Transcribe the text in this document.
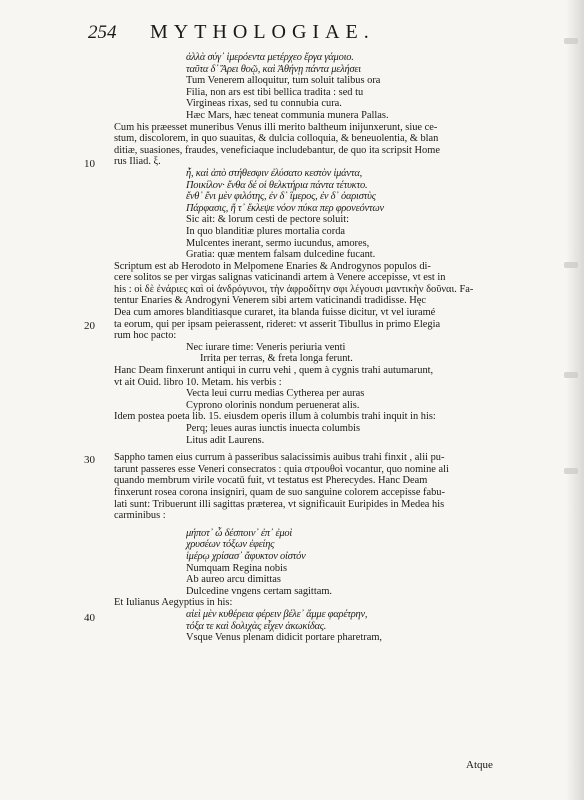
254 MYTHOLOGIAE.
10
20
30
40
ἀλλὰ σύγ᾽ ἱμερόεντα μετέρχεο ἔργα γάμοιο.
ταῦτα δ᾽ Ἄρει θοῷ, καὶ Ἀθήνῃ πάντα μελήσει
Tum Venerem alloquitur, tum soluit talibus ora
Filia, non ars est tibi bellica tradita : sed tu
Virgineas rixas, sed tu connubia cura.
Hæc Mars, hæc teneat communia munera Pallas.
Cum his præesset muneribus Venus illi merito baltheum inijunxerunt, siue ce-
stum, discolorem, in quo suauitas, & dulcia colloquia, & beneuolentia, & blan
ditiæ, suasiones, fraudes, veneficiaque includebantur, de quo ita scripsit Home
rus Iliad. ξ.
ἦ, καὶ ἀπὸ στήθεσφιν ἐλύσατο κεστὸν ἱμάντα,
Ποικίλον· ἔνθα δέ οἱ θελκτήρια πάντα τέτυκτο.
ἔνθ᾽ ἔνι μὲν φιλότης, ἐν δ᾽ ἵμερος, ἐν δ᾽ ὀαριστὺς
Πάρφασις, ἥ τ᾽ ἔκλεψε νόον πύκα περ φρονεόντων
Sic ait: & lorum cesti de pectore soluit:
In quo blanditiæ plures mortalia corda
Mulcentes inerant, sermo iucundus, amores,
Gratia: quæ mentem falsam dulcedine fucant.
Scriptum est ab Herodoto in Melpomene Enaries & Androgynos populos di-
cere solitos se per virgas salignas vaticinandi artem à Venere accepisse, vt est in
his : οἱ δὲ ἐνάριες καὶ οἱ ἀνδρόγυνοι, τὴν ἀφροδίτην σφι λέγουσι μαντικὴν δοῦναι. Fa-
tentur Enaries & Androgyni Venerem sibi artem vaticinandi tradidisse. Hęc
Dea cum amores blanditiasque curaret, ita blanda fuisse dicitur, vt vel iuramé
ta eorum, qui per ipsam peierassent, rideret: vt asserit Tibullus in primo Elegia
rum hoc pacto:
Nec iurare time: Veneris periuria venti
Irrita per terras, & freta longa ferunt.
Hanc Deam finxerunt antiqui in curru vehi , quem à cygnis trahi autumarunt,
vt ait Ouid. libro 10. Metam. his verbis :
Vecta leui curru medias Cytherea per auras
Cyprono olorinis nondum peruenerat alis.
Idem postea poeta lib. 15. eiusdem operis illum à columbis trahi inquit in his:
Perq; leues auras iunctis inuecta columbis
Litus adit Laurens.
Sappho tamen eius currum à passeribus salacissimis auibus trahi finxit , alii pu-
tarunt passeres esse Veneri consecratos : quia στρουθοὶ vocantur, quo nomine ali
quando membrum virile vocatū fuit, vt testatus est Pherecydes. Hanc Deam
finxerunt rosea corona insigniri, quam de suo sanguine colorem accepisse fabu-
lati sunt: Tribuerunt illi sagittas præterea, vt significauit Euripides in Medea his
carminibus :
μήποτ᾽ ὦ δέσποιν᾽ ἐπ᾽ ἐμοὶ
χρυσέων τόξων ἐφείης
ἱμέρῳ χρίσασ᾽ ἄφυκτον οἰστόν
Numquam Regina nobis
Ab aureo arcu dimittas
Dulcedine vngens certam sagittam.
Et Iulianus Aegyptius in his:
αἰεὶ μὲν κυθέρεια φέρειν βέλε᾽ ἄμμε φαρέτρην,
τόξα τε καὶ δολιχὰς εἶχεν ἀκωκίδας.
Vsque Venus plenam didicit portare pharetram,
Atque
